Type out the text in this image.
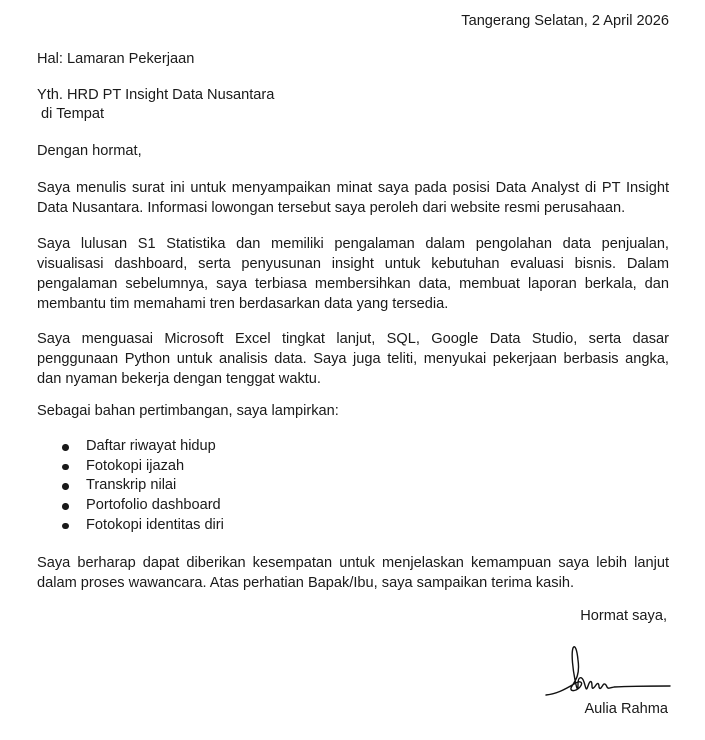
Tangerang Selatan, 2 April 2026
Hal: Lamaran Pekerjaan
Yth. HRD PT Insight Data Nusantara
di Tempat
Dengan hormat,
Saya menulis surat ini untuk menyampaikan minat saya pada posisi Data Analyst di PT Insight Data Nusantara. Informasi lowongan tersebut saya peroleh dari website resmi perusahaan.
Saya lulusan S1 Statistika dan memiliki pengalaman dalam pengolahan data penjualan, visualisasi dashboard, serta penyusunan insight untuk kebutuhan evaluasi bisnis. Dalam pengalaman sebelumnya, saya terbiasa membersihkan data, membuat laporan berkala, dan membantu tim memahami tren berdasarkan data yang tersedia.
Saya menguasai Microsoft Excel tingkat lanjut, SQL, Google Data Studio, serta dasar penggunaan Python untuk analisis data. Saya juga teliti, menyukai pekerjaan berbasis angka, dan nyaman bekerja dengan tenggat waktu.
Sebagai bahan pertimbangan, saya lampirkan:
Daftar riwayat hidup
Fotokopi ijazah
Transkrip nilai
Portofolio dashboard
Fotokopi identitas diri
Saya berharap dapat diberikan kesempatan untuk menjelaskan kemampuan saya lebih lanjut dalam proses wawancara. Atas perhatian Bapak/Ibu, saya sampaikan terima kasih.
Hormat saya,
Aulia Rahma
